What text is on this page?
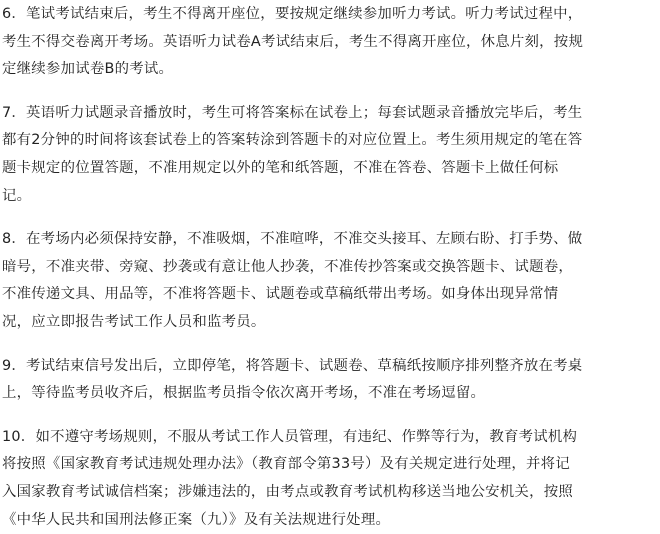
6．笔试考试结束后，考生不得离开座位，要按规定继续参加听力考试。听力考试过程中，
考生不得交卷离开考场。英语听力试卷A考试结束后，考生不得离开座位，休息片刻，按规
定继续参加试卷B的考试。
7．英语听力试题录音播放时，考生可将答案标在试卷上；每套试题录音播放完毕后，考生
都有2分钟的时间将该套试卷上的答案转涂到答题卡的对应位置上。考生须用规定的笔在答
题卡规定的位置答题，不准用规定以外的笔和纸答题，不准在答卷、答题卡上做任何标
记。
8．在考场内必须保持安静，不准吸烟，不准喧哗，不准交头接耳、左顾右盼、打手势、做
暗号，不准夹带、旁窥、抄袭或有意让他人抄袭，不准传抄答案或交换答题卡、试题卷，
不准传递文具、用品等，不准将答题卡、试题卷或草稿纸带出考场。如身体出现异常情
况，应立即报告考试工作人员和监考员。
9．考试结束信号发出后，立即停笔，将答题卡、试题卷、草稿纸按顺序排列整齐放在考桌
上，等待监考员收齐后，根据监考员指令依次离开考场，不准在考场逗留。
10．如不遵守考场规则，不服从考试工作人员管理，有违纪、作弊等行为，教育考试机构
将按照《国家教育考试违规处理办法》（教育部令第33号）及有关规定进行处理，并将记
入国家教育考试诚信档案；涉嫌违法的，由考点或教育考试机构移送当地公安机关，按照
《中华人民共和国刑法修正案（九）》及有关法规进行处理。
